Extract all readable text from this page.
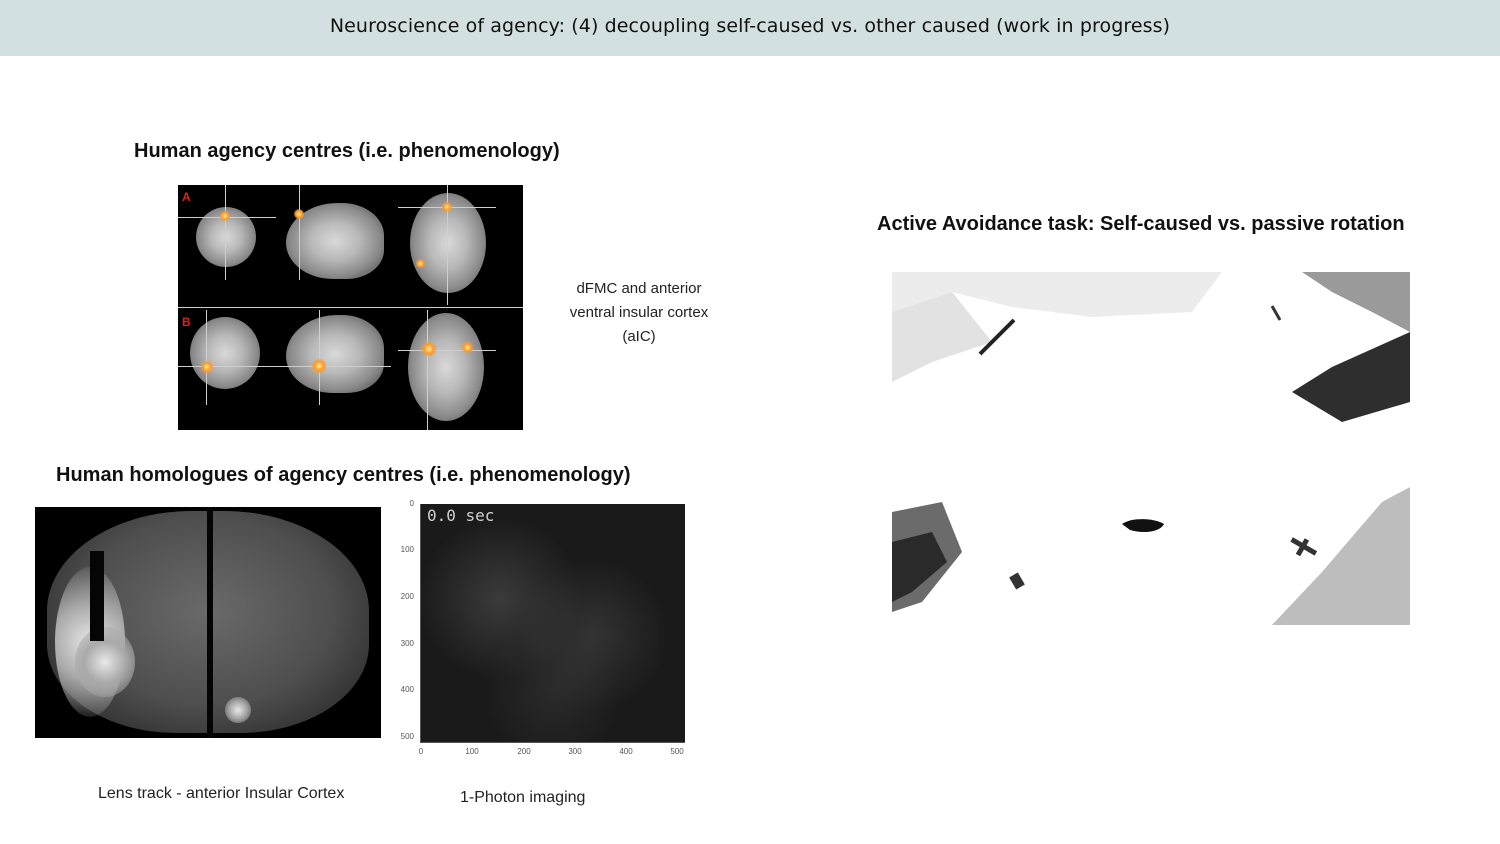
Neuroscience of agency: (4) decoupling self-caused vs. other caused (work in progress)
Human agency centres (i.e. phenomenology)
A
B
dFMC and anterior
ventral insular cortex
(aIC)
Human homologues of agency centres (i.e. phenomenology)
0.0 sec
0
100
200
300
400
500
0	100	200	300	400	500
Lens track - anterior Insular Cortex	1-Photon imaging
Active Avoidance task: Self-caused vs. passive rotation
